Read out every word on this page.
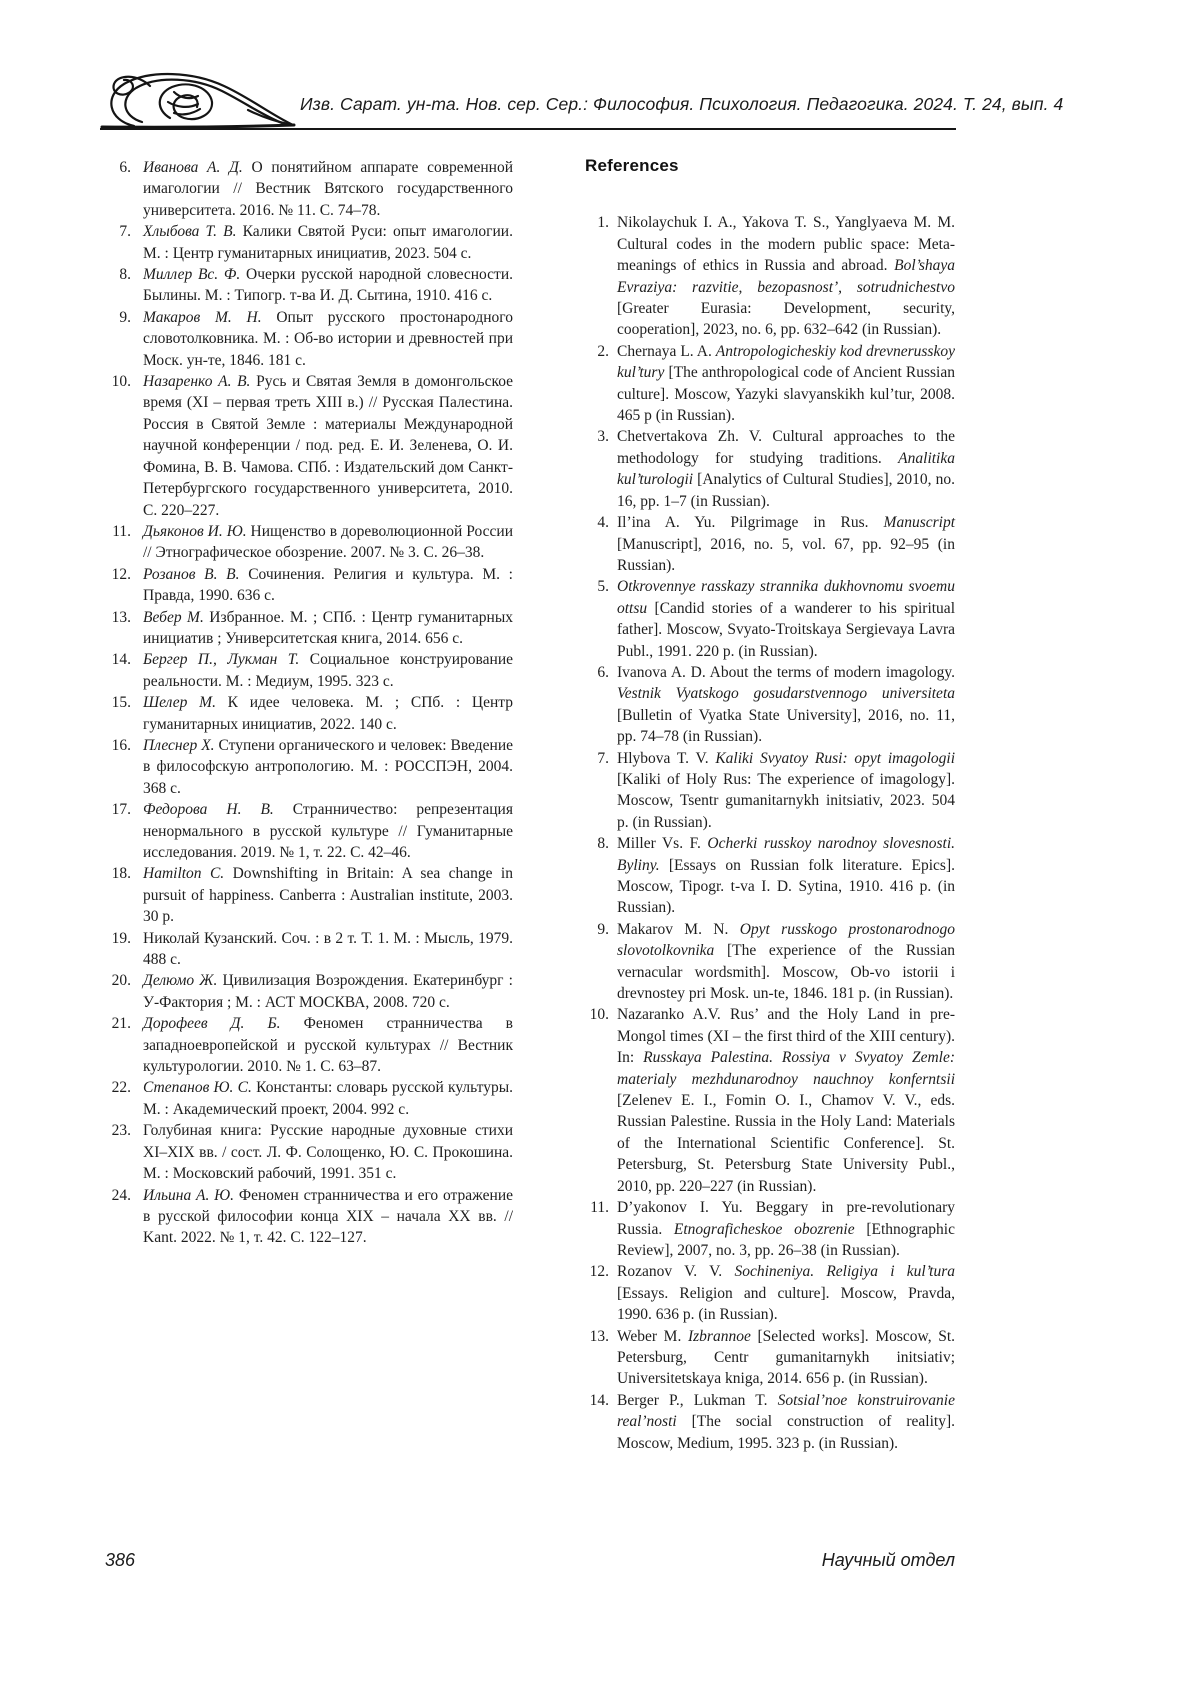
Изв. Сарат. ун-та. Нов. сер. Сер.: Философия. Психология. Педагогика. 2024. Т. 24, вып. 4
6. Иванова А. Д. О понятийном аппарате современной имагологии // Вестник Вятского государственного университета. 2016. № 11. С. 74–78.
7. Хлыбова Т. В. Калики Святой Руси: опыт имагологии. М. : Центр гуманитарных инициатив, 2023. 504 с.
8. Миллер Вс. Ф. Очерки русской народной словесности. Былины. М. : Типогр. т-ва И. Д. Сытина, 1910. 416 с.
9. Макаров М. Н. Опыт русского простонародного словотолковника. М. : Об-во истории и древностей при Моск. ун-те, 1846. 181 с.
10. Назаренко А. В. Русь и Святая Земля в домонгольское время (XI – первая треть XIII в.) // Русская Палестина. Россия в Святой Земле : материалы Международной научной конференции / под. ред. Е. И. Зеленева, О. И. Фомина, В. В. Чамова. СПб. : Издательский дом Санкт-Петербургского государственного университета, 2010. С. 220–227.
11. Дьяконов И. Ю. Нищенство в дореволюционной России // Этнографическое обозрение. 2007. № 3. С. 26–38.
12. Розанов В. В. Сочинения. Религия и культура. М. : Правда, 1990. 636 с.
13. Вебер М. Избранное. М. ; СПб. : Центр гуманитарных инициатив ; Университетская книга, 2014. 656 с.
14. Бергер П., Лукман Т. Социальное конструирование реальности. М. : Медиум, 1995. 323 с.
15. Шелер М. К идее человека. М. ; СПб. : Центр гуманитарных инициатив, 2022. 140 с.
16. Плеснер Х. Ступени органического и человек: Введение в философскую антропологию. М. : РОССПЭН, 2004. 368 с.
17. Федорова Н. В. Странничество: репрезентация ненормального в русской культуре // Гуманитарные исследования. 2019. № 1, т. 22. С. 42–46.
18. Hamilton C. Downshifting in Britain: A sea change in pursuit of happiness. Canberra : Australian institute, 2003. 30 p.
19. Николай Кузанский. Соч. : в 2 т. Т. 1. М. : Мысль, 1979. 488 с.
20. Делюмо Ж. Цивилизация Возрождения. Екатеринбург : У-Фактория ; М. : АСТ МОСКВА, 2008. 720 с.
21. Дорофеев Д. Б. Феномен странничества в западноевропейской и русской культурах // Вестник культурологии. 2010. № 1. С. 63–87.
22. Степанов Ю. С. Константы: словарь русской культуры. М. : Академический проект, 2004. 992 с.
23. Голубиная книга: Русские народные духовные стихи XI–XIX вв. / сост. Л. Ф. Солощенко, Ю. С. Прокошина. М. : Московский рабочий, 1991. 351 с.
24. Ильина А. Ю. Феномен странничества и его отражение в русской философии конца XIX – начала XX вв. // Kant. 2022. № 1, т. 42. С. 122–127.
References
1. Nikolaychuk I. A., Yakova T. S., Yanglyaeva M. M. Cultural codes in the modern public space: Meta-meanings of ethics in Russia and abroad. Bol’shaya Evraziya: razvitie, bezopasnost’, sotrudnichestvo [Greater Eurasia: Development, security, cooperation], 2023, no. 6, pp. 632–642 (in Russian).
2. Chernaya L. A. Antropologicheskiy kod drevnerusskoy kul’tury [The anthropological code of Ancient Russian culture]. Moscow, Yazyki slavyanskikh kul’tur, 2008. 465 p (in Russian).
3. Chetvertakova Zh. V. Cultural approaches to the methodology for studying traditions. Analitika kul’turologii [Analytics of Cultural Studies], 2010, no. 16, pp. 1–7 (in Russian).
4. Il’ina A. Yu. Pilgrimage in Rus. Manuscript [Manuscript], 2016, no. 5, vol. 67, pp. 92–95 (in Russian).
5. Otkrovennye rasskazy strannika dukhovnomu svoemu ottsu [Candid stories of a wanderer to his spiritual father]. Moscow, Svyato-Troitskaya Sergievaya Lavra Publ., 1991. 220 p. (in Russian).
6. Ivanova A. D. About the terms of modern imagology. Vestnik Vyatskogo gosudarstvennogo universiteta [Bulletin of Vyatka State University], 2016, no. 11, pp. 74–78 (in Russian).
7. Hlybova T. V. Kaliki Svyatoy Rusi: opyt imagologii [Kaliki of Holy Rus: The experience of imagology]. Moscow, Tsentr gumanitarnykh initsiativ, 2023. 504 p. (in Russian).
8. Miller Vs. F. Ocherki russkoy narodnoy slovesnosti. Byliny. [Essays on Russian folk literature. Epics]. Moscow, Tipogr. t-va I. D. Sytina, 1910. 416 p. (in Russian).
9. Makarov M. N. Opyt russkogo prostonarodnogo slovotolkovnika [The experience of the Russian vernacular wordsmith]. Moscow, Ob-vo istorii i drevnostey pri Mosk. un-te, 1846. 181 p. (in Russian).
10. Nazaranko A.V. Rus’ and the Holy Land in pre-Mongol times (XI – the first third of the XIII century). In: Russkaya Palestina. Rossiya v Svyatoy Zemle: materialy mezhdunarodnoy nauchnoy konferntsii [Zelenev E. I., Fomin O. I., Chamov V. V., eds. Russian Palestine. Russia in the Holy Land: Materials of the International Scientific Conference]. St. Petersburg, St. Petersburg State University Publ., 2010, pp. 220–227 (in Russian).
11. D’yakonov I. Yu. Beggary in pre-revolutionary Russia. Etnograficheskoe obozrenie [Ethnographic Review], 2007, no. 3, pp. 26–38 (in Russian).
12. Rozanov V. V. Sochineniya. Religiya i kul’tura [Essays. Religion and culture]. Moscow, Pravda, 1990. 636 p. (in Russian).
13. Weber M. Izbrannoe [Selected works]. Moscow, St. Petersburg, Centr gumanitarnykh initsiativ; Universitetskaya kniga, 2014. 656 p. (in Russian).
14. Berger P., Lukman T. Sotsial’noe konstruirovanie real’nosti [The social construction of reality]. Moscow, Medium, 1995. 323 p. (in Russian).
386	Научный отдел
